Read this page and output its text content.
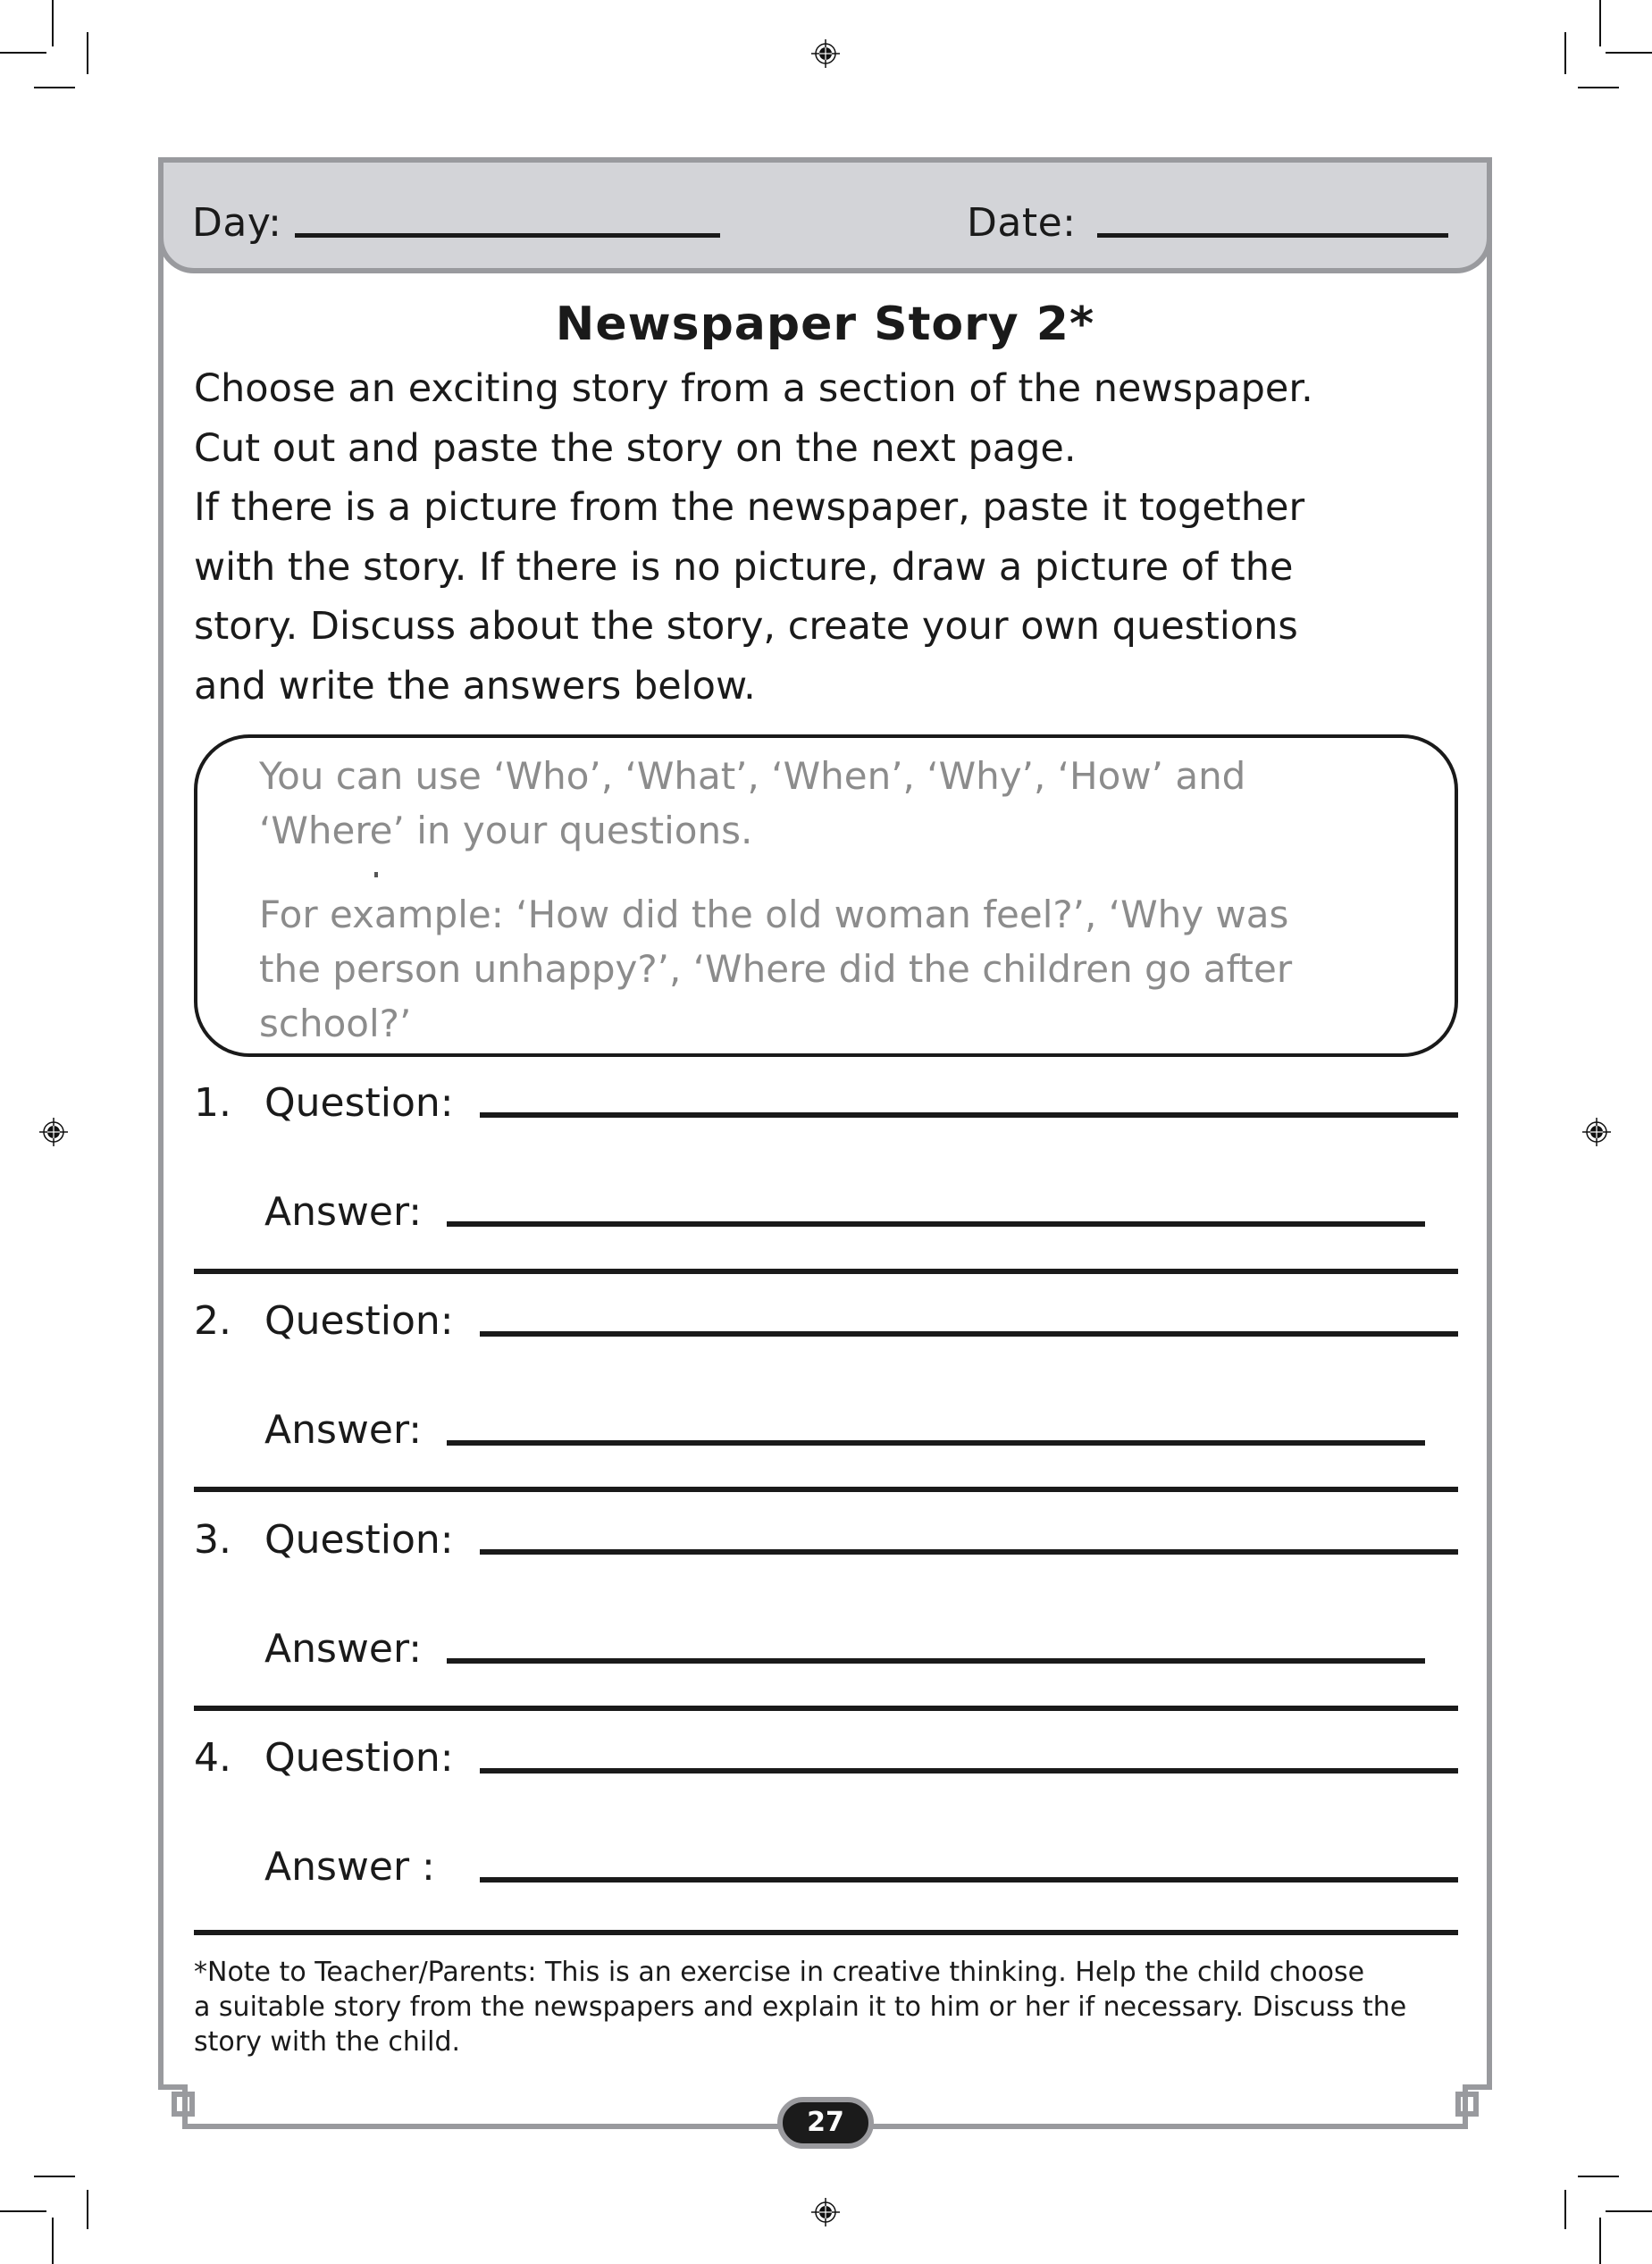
Day:	Date:
Newspaper Story 2*
Choose an exciting story from a section of the newspaper.
Cut out and paste the story on the next page.
If there is a picture from the newspaper, paste it together
with the story. If there is no picture, draw a picture of the
story. Discuss about the story, create your own questions
and write the answers below.
You can use ‘Who’, ‘What’, ‘When’, ‘Why’, ‘How’ and
‘Where’ in your questions.
For example: ‘How did the old woman feel?’, ‘Why was
the person unhappy?’, ‘Where did the children go after
school?’
1. Question:
Answer:
2. Question:
Answer:
3. Question:
Answer:
4. Question:
Answer :
*Note to Teacher/Parents: This is an exercise in creative thinking. Help the child choose
a suitable story from the newspapers and explain it to him or her if necessary. Discuss the
story with the child.
27
